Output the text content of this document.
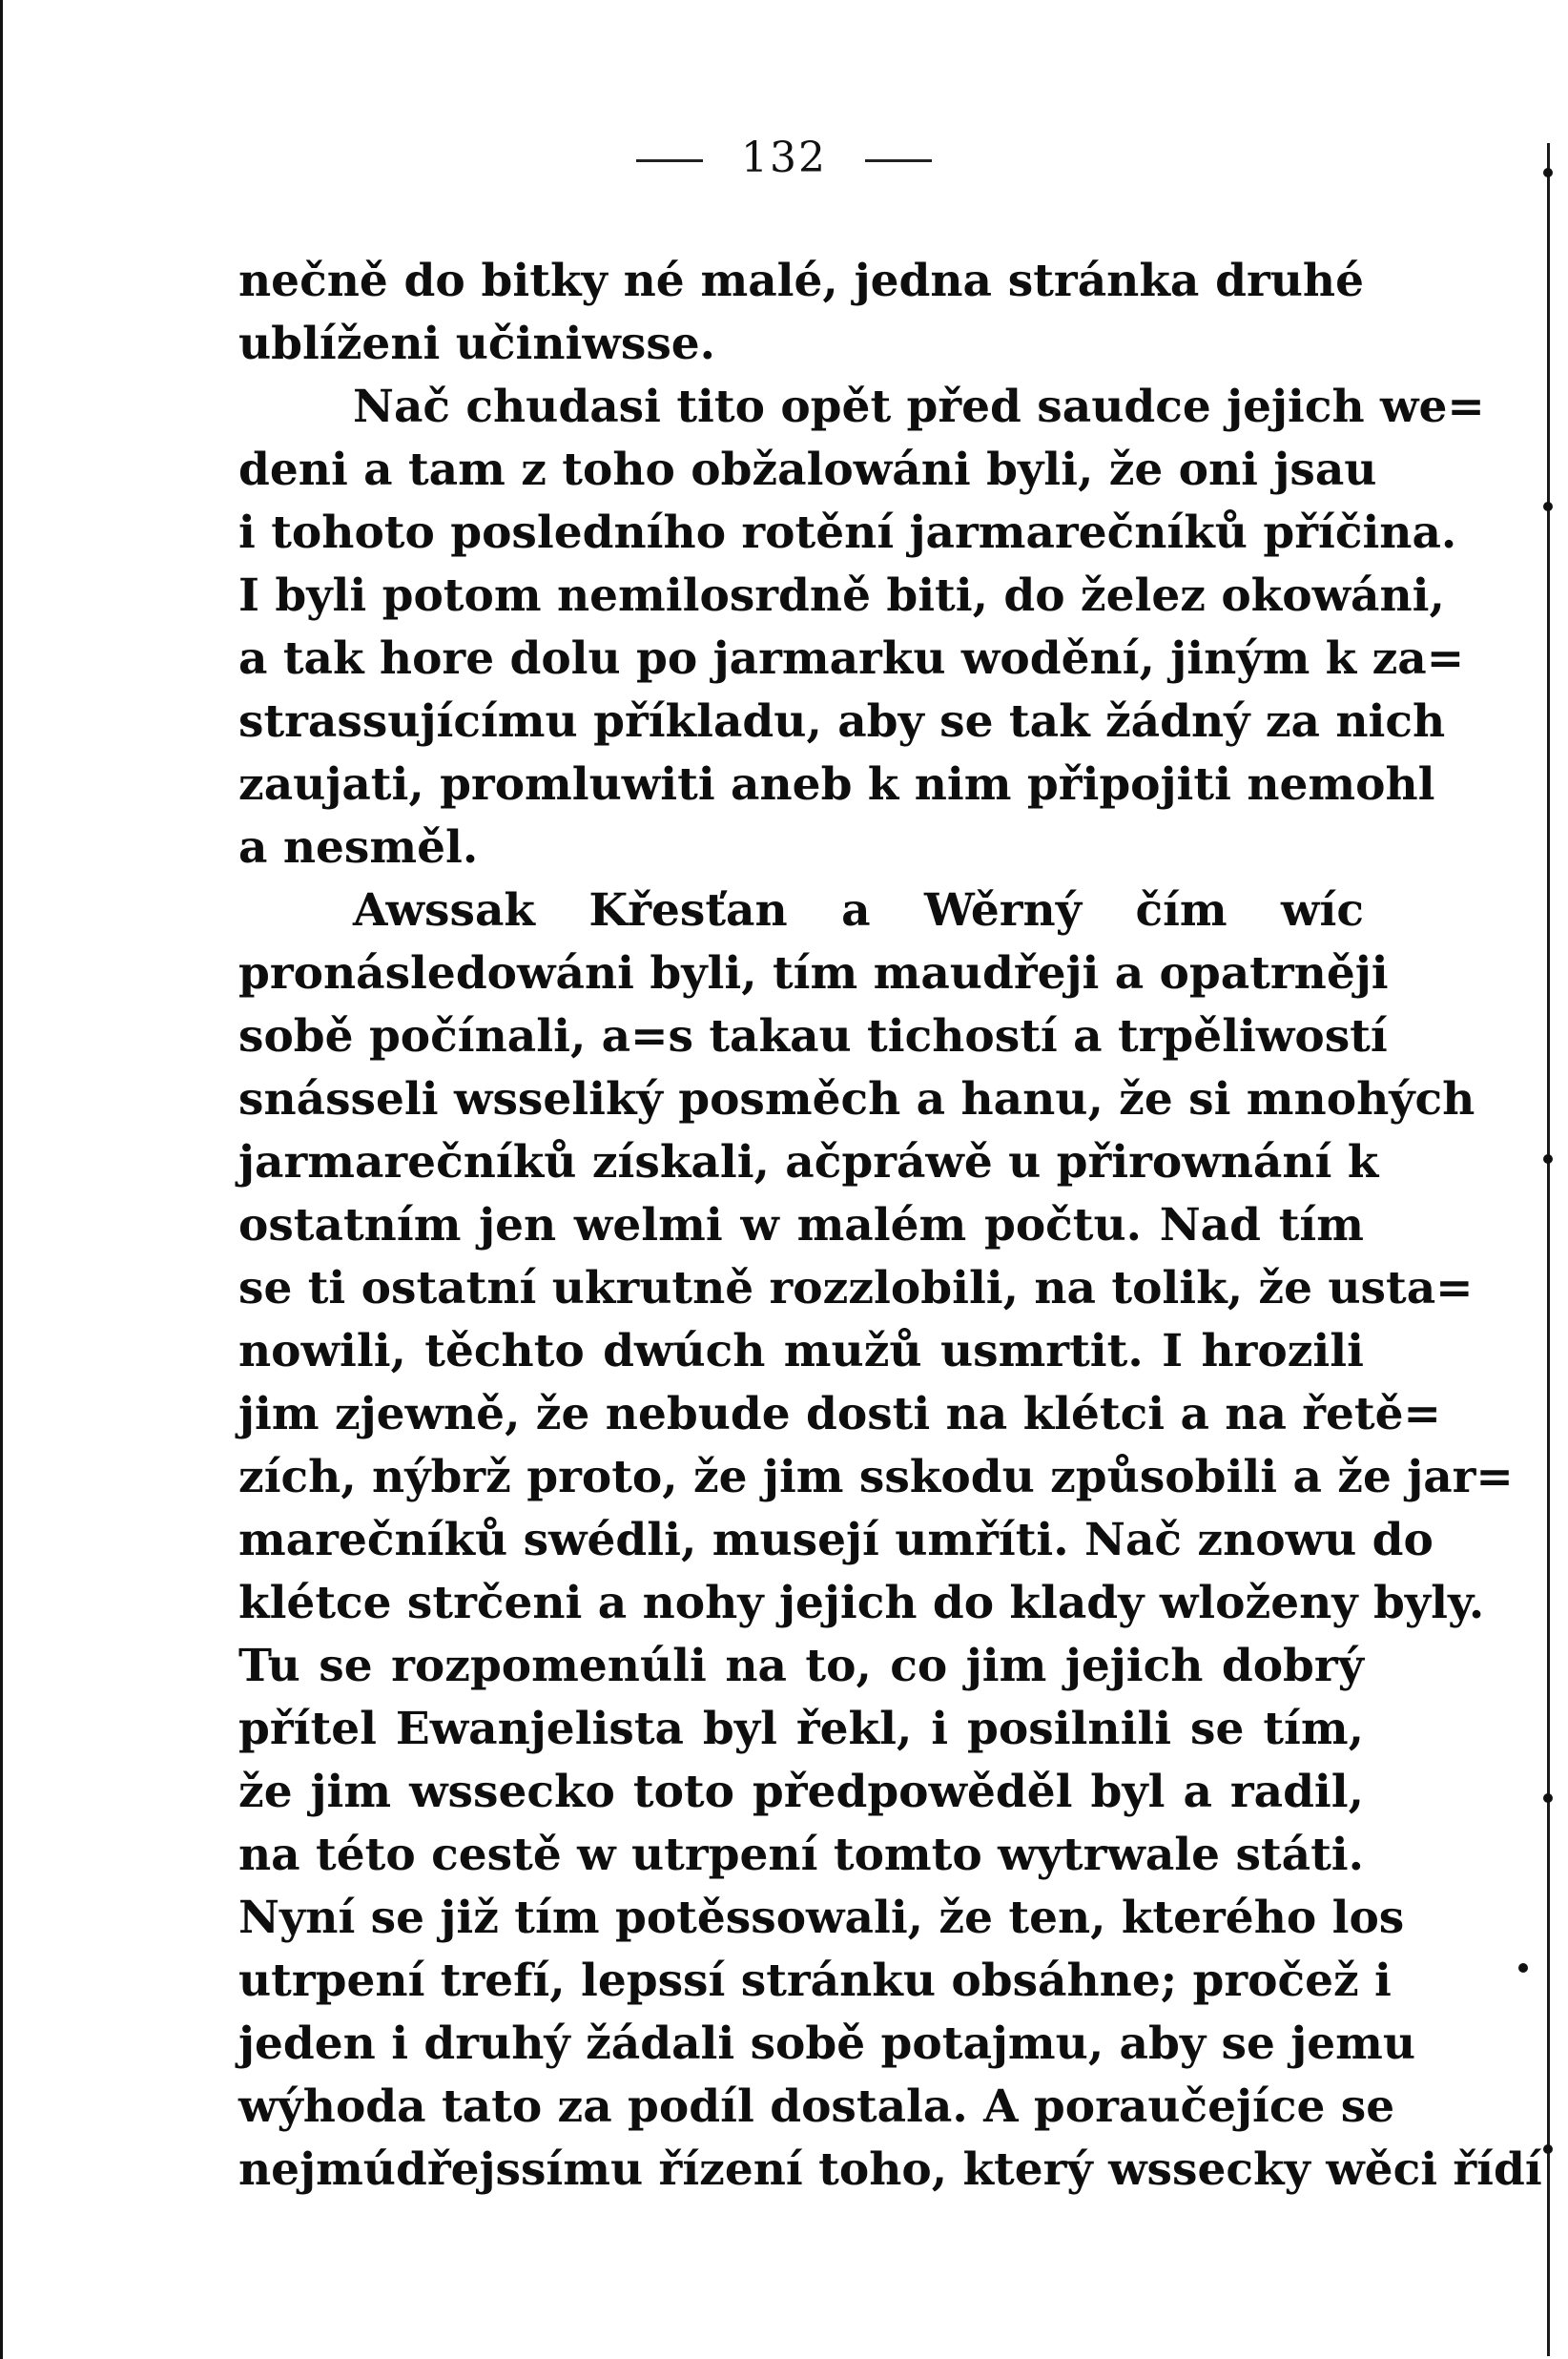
132
nečně do bitky né malé, jedna stránka druhé
ublíženi učiniwsse.
Nač chudasi tito opět před saudce jejich we=
deni a tam z toho obžalowáni byli, že oni jsau
i tohoto posledního rotění jarmarečníků příčina.
I byli potom nemilosrdně biti, do želez okowáni,
a tak hore dolu po jarmarku wodění, jiným k za=
strassujícímu příkladu, aby se tak žádný za nich
zaujati, promluwiti aneb k nim připojiti nemohl
a nesměl.
Awssak Křesťan a Wěrný čím wíc
pronásledowáni byli, tím maudřeji a opatrněji
sobě počínali, a=s takau tichostí a trpěliwostí
snásseli wsseliký posměch a hanu, že si mnohých
jarmarečníků získali, ačpráwě u přirownání k
ostatním jen welmi w malém počtu. Nad tím
se ti ostatní ukrutně rozzlobili, na tolik, že usta=
nowili, těchto dwúch mužů usmrtit. I hrozili
jim zjewně, že nebude dosti na klétci a na řetě=
zích, nýbrž proto, že jim sskodu způsobili a že jar=
marečníků swédli, musejí umříti. Nač znowu do
klétce strčeni a nohy jejich do klady wloženy byly.
Tu se rozpomenúli na to, co jim jejich dobrý
přítel Ewanjelista byl řekl, i posilnili se tím,
že jim wssecko toto předpowěděl byl a radil,
na této cestě w utrpení tomto wytrwale státi.
Nyní se již tím potěssowali, že ten, kterého los
utrpení trefí, lepssí stránku obsáhne; pročež i
jeden i druhý žádali sobě potajmu, aby se jemu
wýhoda tato za podíl dostala. A poraučejíce se
nejmúdřejssímu řízení toho, který wssecky wěci řídí
